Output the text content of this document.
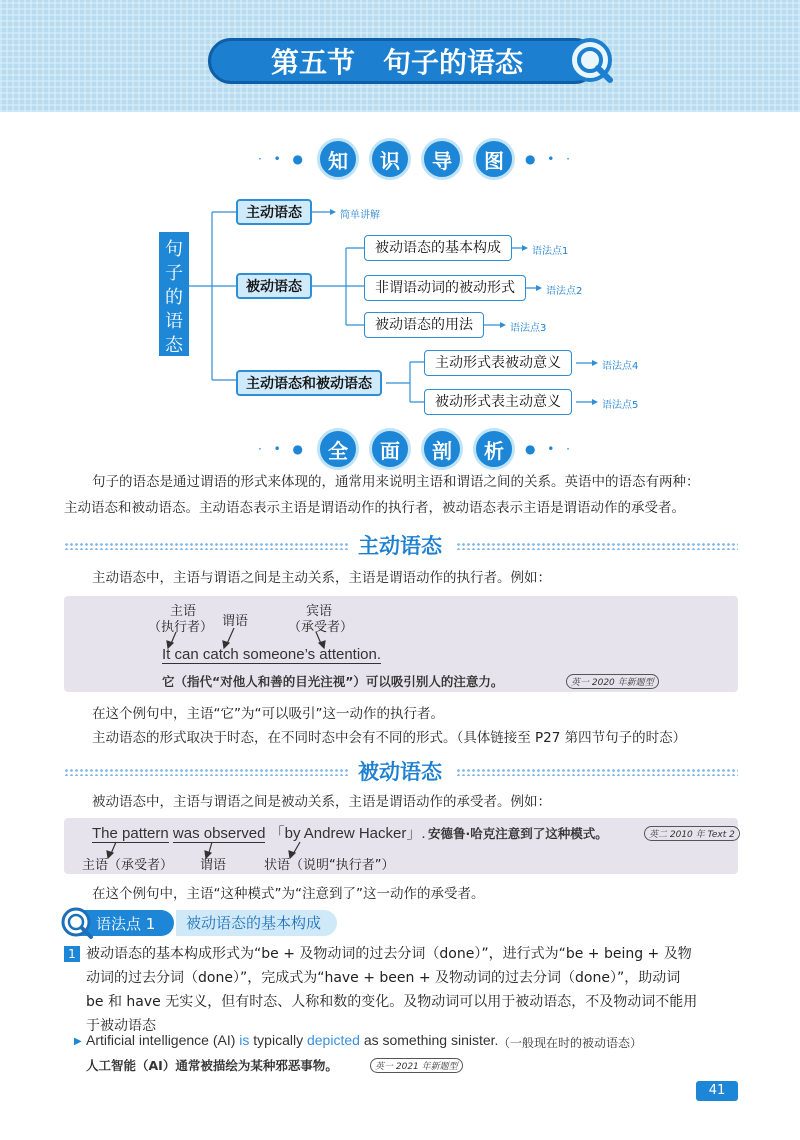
第五节　句子的语态
· • ●	知	识	导	图	● • ·
句子的语态
主动语态	简单讲解
被动语态
被动语态的基本构成	语法点1
非谓语动词的被动形式	语法点2
被动语态的用法	语法点3
主动语态和被动语态
主动形式表被动意义	语法点4
被动形式表主动意义	语法点5
· • ●	全	面	剖	析	● • ·
句子的语态是通过谓语的形式来体现的，通常用来说明主语和谓语之间的关系。英语中的语态有两种：
主动语态和被动语态。主动语态表示主语是谓语动作的执行者，被动语态表示主语是谓语动作的承受者。
主动语态
主动语态中，主语与谓语之间是主动关系，主语是谓语动作的执行者。例如：
主语
（执行者） 谓语
宾语
（承受者）
It can catch someone’s attention.
它（指代“对他人和善的目光注视”）可以吸引别人的注意力。	英一 2020 年新题型
在这个例句中，主语“它”为“可以吸引”这一动作的执行者。
主动语态的形式取决于时态，在不同时态中会有不同的形式。（具体链接至 P27 第四节句子的时态）
被动语态
被动语态中，主语与谓语之间是被动关系，主语是谓语动作的承受者。例如：
The pattern was observed 「by Andrew Hacker」. 安德鲁·哈克注意到了这种模式。	英二 2010 年 Text 2
主语（承受者） 谓语	状语（说明“执行者”）
在这个例句中，主语“这种模式”为“注意到了”这一动作的承受者。
语法点 1	被动语态的基本构成
1 被动语态的基本构成形式为“be + 及物动词的过去分词（done）”，进行式为“be + being + 及物
动词的过去分词（done）”，完成式为“have + been + 及物动词的过去分词（done）”，助动词
be 和 have 无实义，但有时态、人称和数的变化。及物动词可以用于被动语态，不及物动词不能用
于被动语态
▶ Artificial intelligence (AI) is typically depicted as something sinister. （一般现在时的被动语态）
人工智能（AI）通常被描绘为某种邪恶事物。	英一 2021 年新题型
41
